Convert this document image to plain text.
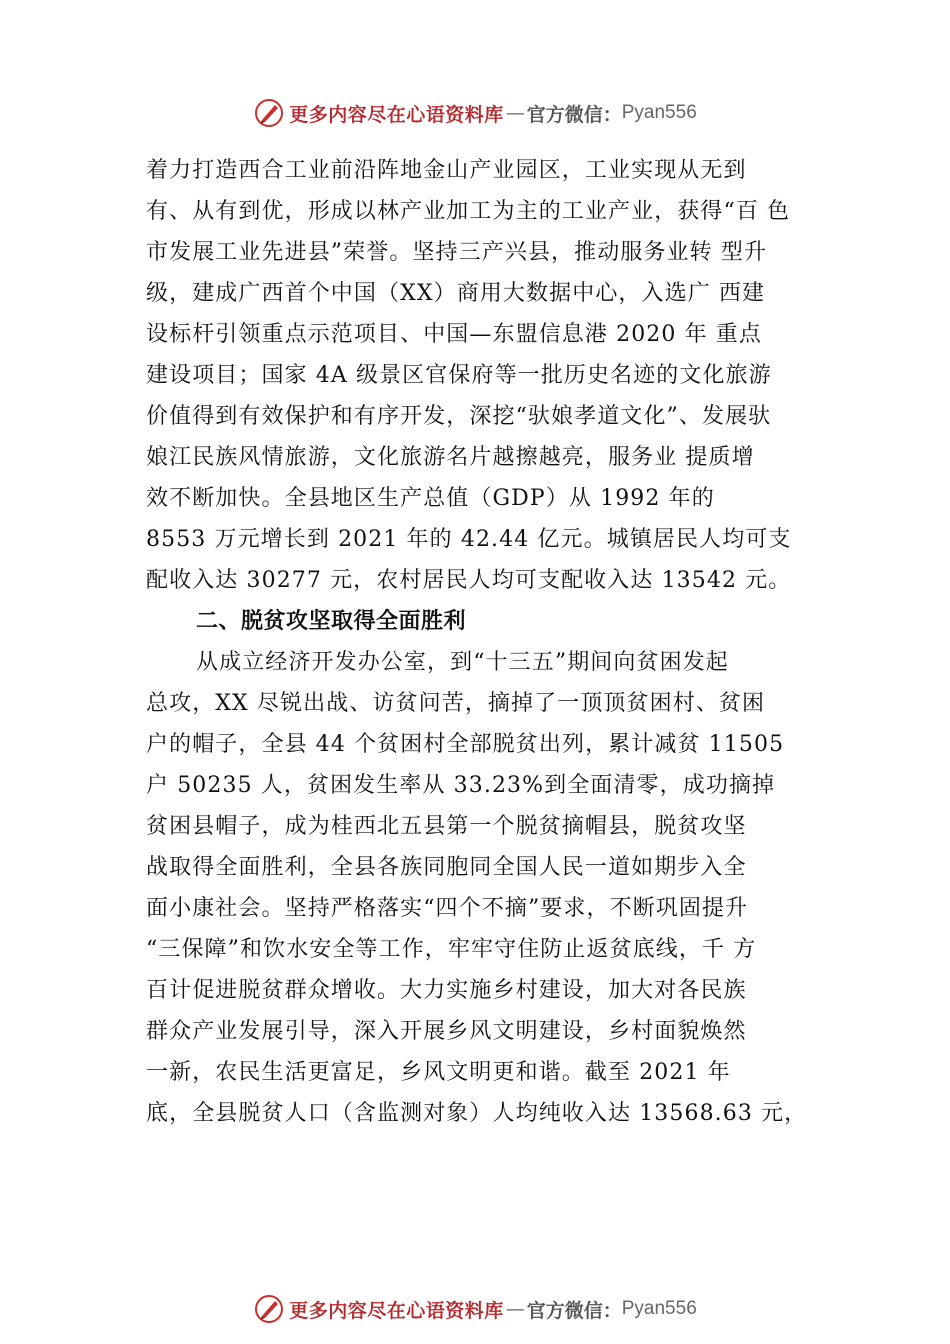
更多内容尽在心语资料库 — 官方微信： Pyan556
着力打造西合工业前沿阵地金山产业园区，工业实现从无到
有、从有到优，形成以林产业加工为主的工业产业，获得“百 色
市发展工业先进县”荣誉。坚持三产兴县，推动服务业转 型升
级，建成广西首个中国（XX）商用大数据中心，入选广 西建
设标杆引领重点示范项目、中国—东盟信息港 2020 年 重点
建设项目；国家 4A 级景区官保府等一批历史名迹的文化旅游
价值得到有效保护和有序开发，深挖“驮娘孝道文化”、发展驮
娘江民族风情旅游，文化旅游名片越擦越亮，服务业 提质增
效不断加快。全县地区生产总值（GDP）从 1992 年的
8553 万元增长到 2021 年的 42.44 亿元。城镇居民人均可支
配收入达 30277 元，农村居民人均可支配收入达 13542 元。
二、脱贫攻坚取得全面胜利
从成立经济开发办公室，到“十三五”期间向贫困发起
总攻，XX 尽锐出战、访贫问苦，摘掉了一顶顶贫困村、贫困
户的帽子，全县 44 个贫困村全部脱贫出列，累计减贫 11505
户 50235 人，贫困发生率从 33.23%到全面清零，成功摘掉
贫困县帽子，成为桂西北五县第一个脱贫摘帽县，脱贫攻坚
战取得全面胜利，全县各族同胞同全国人民一道如期步入全
面小康社会。坚持严格落实“四个不摘”要求，不断巩固提升
“三保障”和饮水安全等工作，牢牢守住防止返贫底线，千 方
百计促进脱贫群众增收。大力实施乡村建设，加大对各民族
群众产业发展引导，深入开展乡风文明建设，乡村面貌焕然
一新，农民生活更富足，乡风文明更和谐。截至 2021 年
底，全县脱贫人口（含监测对象）人均纯收入达 13568.63 元，
更多内容尽在心语资料库 — 官方微信： Pyan556
